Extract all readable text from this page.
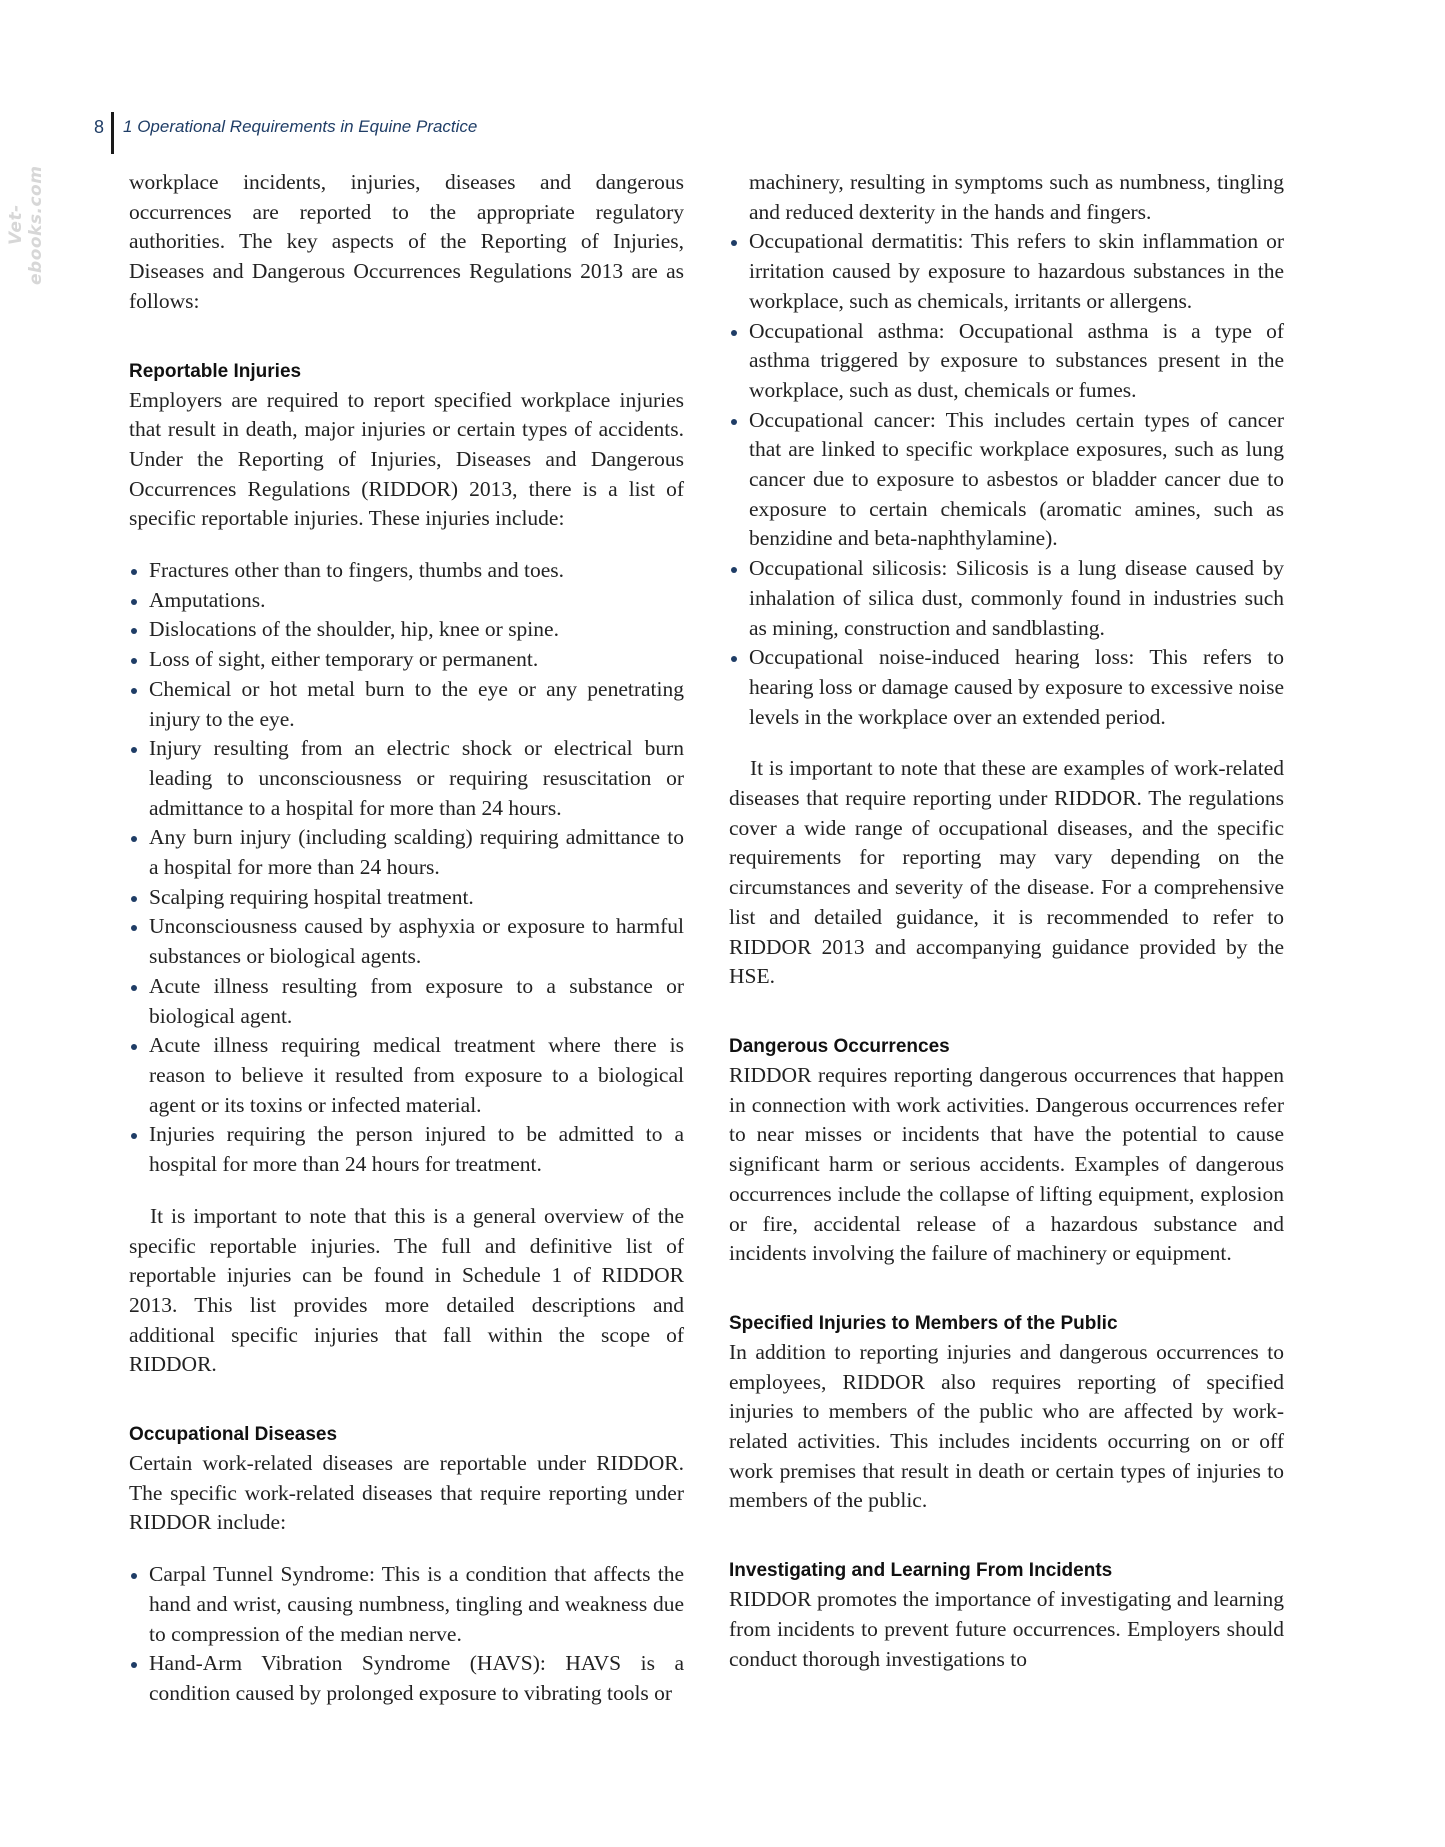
Vet-ebooks.com
8 1 Operational Requirements in Equine Practice

workplace incidents, injuries, diseases and dangerous occurrences are reported to the appropriate regulatory authorities. The key aspects of the Reporting of Injuries, Diseases and Dangerous Occurrences Regulations 2013 are as follows:

Reportable Injuries

Employers are required to report specified workplace injuries that result in death, major injuries or certain types of accidents. Under the Reporting of Injuries, Diseases and Dangerous Occurrences Regulations (RIDDOR) 2013, there is a list of specific reportable injuries. These injuries include:

Fractures other than to fingers, thumbs and toes.
Amputations.
Dislocations of the shoulder, hip, knee or spine.
Loss of sight, either temporary or permanent.
Chemical or hot metal burn to the eye or any penetrating injury to the eye.
Injury resulting from an electric shock or electrical burn leading to unconsciousness or requiring resuscitation or admittance to a hospital for more than 24 hours.
Any burn injury (including scalding) requiring admittance to a hospital for more than 24 hours.
Scalping requiring hospital treatment.
Unconsciousness caused by asphyxia or exposure to harmful substances or biological agents.
Acute illness resulting from exposure to a substance or biological agent.
Acute illness requiring medical treatment where there is reason to believe it resulted from exposure to a biological agent or its toxins or infected material.
Injuries requiring the person injured to be admitted to a hospital for more than 24 hours for treatment.

It is important to note that this is a general overview of the specific reportable injuries. The full and definitive list of reportable injuries can be found in Schedule 1 of RIDDOR 2013. This list provides more detailed descriptions and additional specific injuries that fall within the scope of RIDDOR.

Occupational Diseases

Certain work-related diseases are reportable under RIDDOR. The specific work-related diseases that require reporting under RIDDOR include:

Carpal Tunnel Syndrome: This is a condition that affects the hand and wrist, causing numbness, tingling and weakness due to compression of the median nerve.
Hand-Arm Vibration Syndrome (HAVS): HAVS is a condition caused by prolonged exposure to vibrating tools or
machinery, resulting in symptoms such as numbness, tingling and reduced dexterity in the hands and fingers.
Occupational dermatitis: This refers to skin inflammation or irritation caused by exposure to hazardous substances in the workplace, such as chemicals, irritants or allergens.
Occupational asthma: Occupational asthma is a type of asthma triggered by exposure to substances present in the workplace, such as dust, chemicals or fumes.
Occupational cancer: This includes certain types of cancer that are linked to specific workplace exposures, such as lung cancer due to exposure to asbestos or bladder cancer due to exposure to certain chemicals (aromatic amines, such as benzidine and beta-naphthylamine).
Occupational silicosis: Silicosis is a lung disease caused by inhalation of silica dust, commonly found in industries such as mining, construction and sandblasting.
Occupational noise-induced hearing loss: This refers to hearing loss or damage caused by exposure to excessive noise levels in the workplace over an extended period.

It is important to note that these are examples of work-related diseases that require reporting under RIDDOR. The regulations cover a wide range of occupational diseases, and the specific requirements for reporting may vary depending on the circumstances and severity of the disease. For a comprehensive list and detailed guidance, it is recommended to refer to RIDDOR 2013 and accompanying guidance provided by the HSE.

Dangerous Occurrences

RIDDOR requires reporting dangerous occurrences that happen in connection with work activities. Dangerous occurrences refer to near misses or incidents that have the potential to cause significant harm or serious accidents. Examples of dangerous occurrences include the collapse of lifting equipment, explosion or fire, accidental release of a hazardous substance and incidents involving the failure of machinery or equipment.

Specified Injuries to Members of the Public

In addition to reporting injuries and dangerous occurrences to employees, RIDDOR also requires reporting of specified injuries to members of the public who are affected by work-related activities. This includes incidents occurring on or off work premises that result in death or certain types of injuries to members of the public.

Investigating and Learning From Incidents

RIDDOR promotes the importance of investigating and learning from incidents to prevent future occurrences. Employers should conduct thorough investigations to
